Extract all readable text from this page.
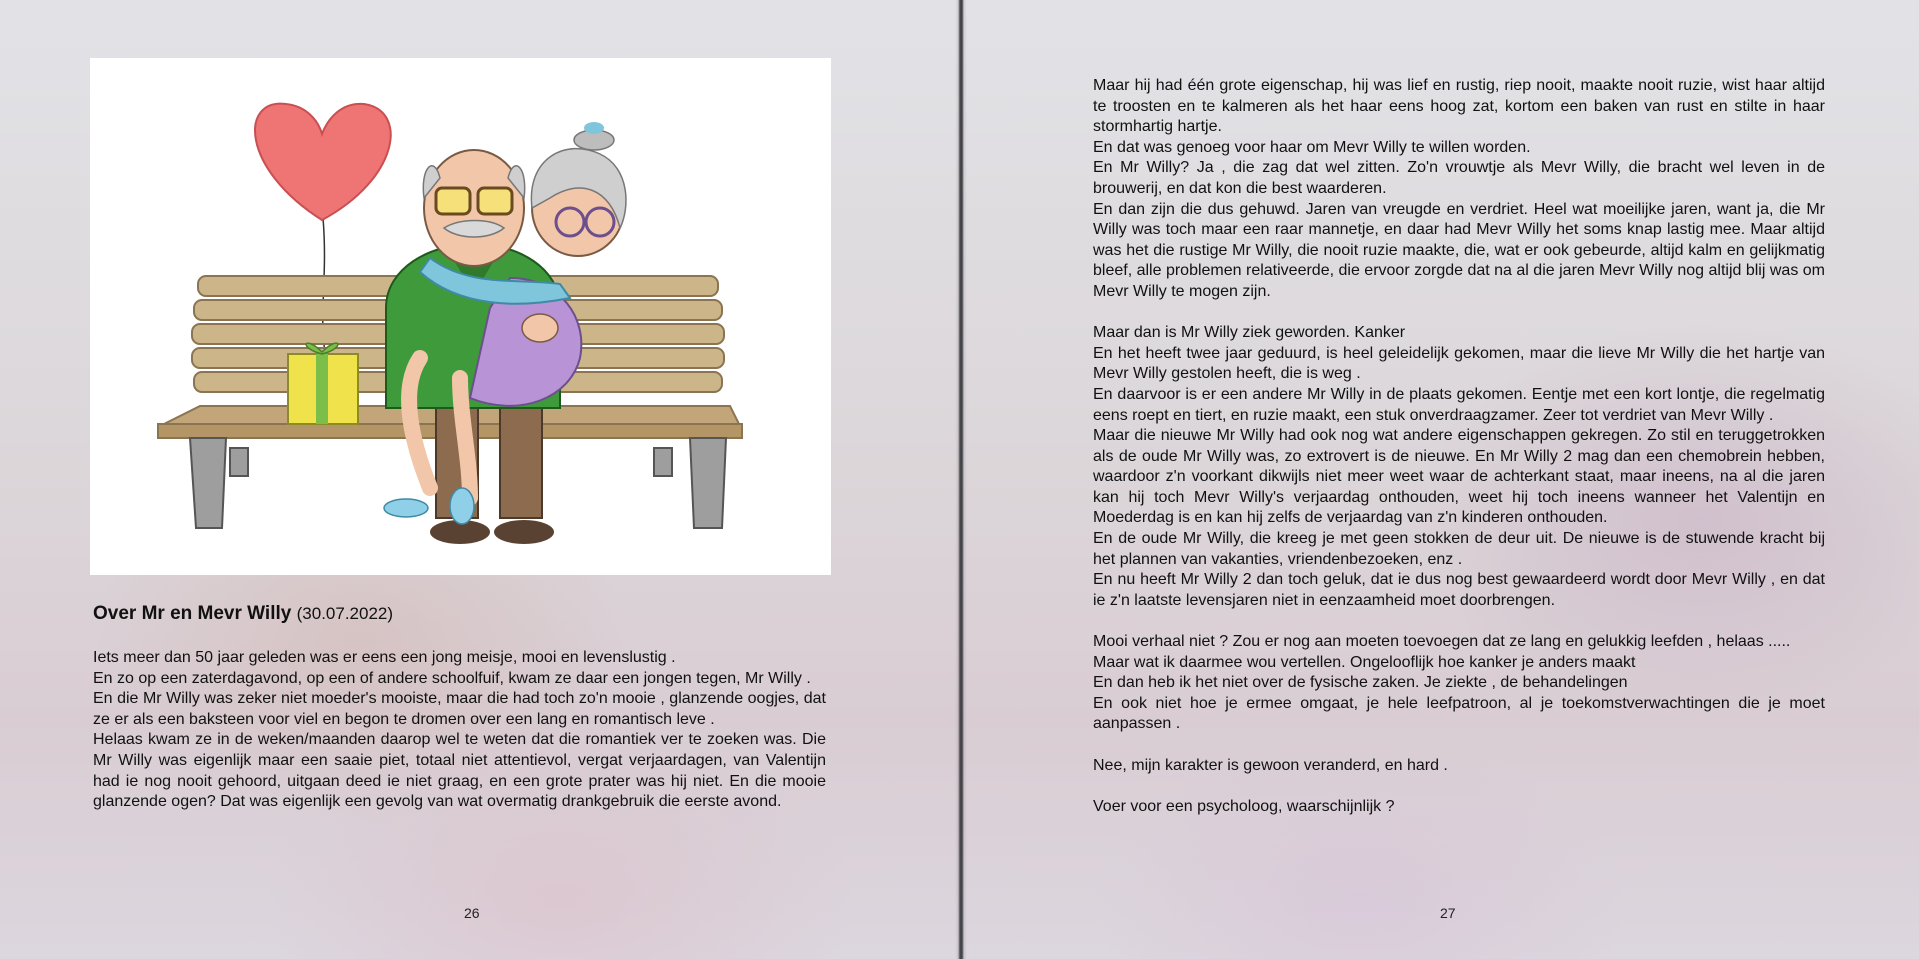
Over Mr en Mevr Willy (30.07.2022)

Iets meer dan 50 jaar geleden was er eens een jong meisje, mooi en levenslustig .

En zo op een zaterdagavond, op een of andere schoolfuif, kwam ze daar een jongen tegen, Mr Willy .

En die Mr Willy was zeker niet moeder's mooiste, maar die had toch zo'n mooie , glanzende oogjes, dat ze er als een baksteen voor viel en begon te dromen over een lang en romantisch leve .

Helaas kwam ze in de weken/maanden daarop wel te weten dat die romantiek ver te zoeken was. Die Mr Willy was eigenlijk maar een saaie piet, totaal niet attentievol, vergat verjaardagen, van Valentijn had ie nog nooit gehoord, uitgaan deed ie niet graag, en een grote prater was hij niet. En die mooie glanzende ogen? Dat was eigenlijk een gevolg van wat overmatig drankgebruik die eerste avond.

26	27

Maar hij had één grote eigenschap, hij was lief en rustig, riep nooit, maakte nooit ruzie, wist haar altijd te troosten en te kalmeren als het haar eens hoog zat, kortom een baken van rust en stilte in haar stormhartig hartje.

En dat was genoeg voor haar om Mevr Willy te willen worden.

En Mr Willy? Ja , die zag dat wel zitten. Zo'n vrouwtje als Mevr Willy, die bracht wel leven in de brouwerij, en dat kon die best waarderen.

En dan zijn die dus gehuwd. Jaren van vreugde en verdriet. Heel wat moeilijke jaren, want ja, die Mr Willy was toch maar een raar mannetje, en daar had Mevr Willy het soms knap lastig mee. Maar altijd was het die rustige Mr Willy, die nooit ruzie maakte, die, wat er ook gebeurde, altijd kalm en gelijkmatig bleef, alle problemen relativeerde, die ervoor zorgde dat na al die jaren Mevr Willy nog altijd blij was om Mevr Willy te mogen zijn.

Maar dan is Mr Willy ziek geworden. Kanker

En het heeft twee jaar geduurd, is heel geleidelijk gekomen, maar die lieve Mr Willy die het hartje van Mevr Willy gestolen heeft, die is weg .

En daarvoor is er een andere Mr Willy in de plaats gekomen. Eentje met een kort lontje, die regelmatig eens roept en tiert, en ruzie maakt, een stuk onverdraagzamer. Zeer tot verdriet van Mevr Willy .

Maar die nieuwe Mr Willy had ook nog wat andere eigenschappen gekregen. Zo stil en teruggetrokken als de oude Mr Willy was, zo extrovert is de nieuwe. En Mr Willy 2 mag dan een chemobrein hebben, waardoor z'n voorkant dikwijls niet meer weet waar de achterkant staat, maar ineens, na al die jaren kan hij toch Mevr Willy's verjaardag onthouden, weet hij toch ineens wanneer het Valentijn en Moederdag is en kan hij zelfs de verjaardag van z'n kinderen onthouden.

En de oude Mr Willy, die kreeg je met geen stokken de deur uit. De nieuwe is de stuwende kracht bij het plannen van vakanties, vriendenbezoeken, enz .

En nu heeft Mr Willy 2 dan toch geluk, dat ie dus nog best gewaardeerd wordt door Mevr Willy , en dat ie z'n laatste levensjaren niet in eenzaamheid moet doorbrengen.

Mooi verhaal niet ? Zou er nog aan moeten toevoegen dat ze lang en gelukkig leefden , helaas .....

Maar wat ik daarmee wou vertellen. Ongelooflijk hoe kanker je anders maakt

En dan heb ik het niet over de fysische zaken. Je ziekte , de behandelingen

En ook niet hoe je ermee omgaat, je hele leefpatroon, al je toekomstverwachtingen die je moet aanpassen .

Nee, mijn karakter is gewoon veranderd, en hard .

Voer voor een psycholoog, waarschijnlijk ?
